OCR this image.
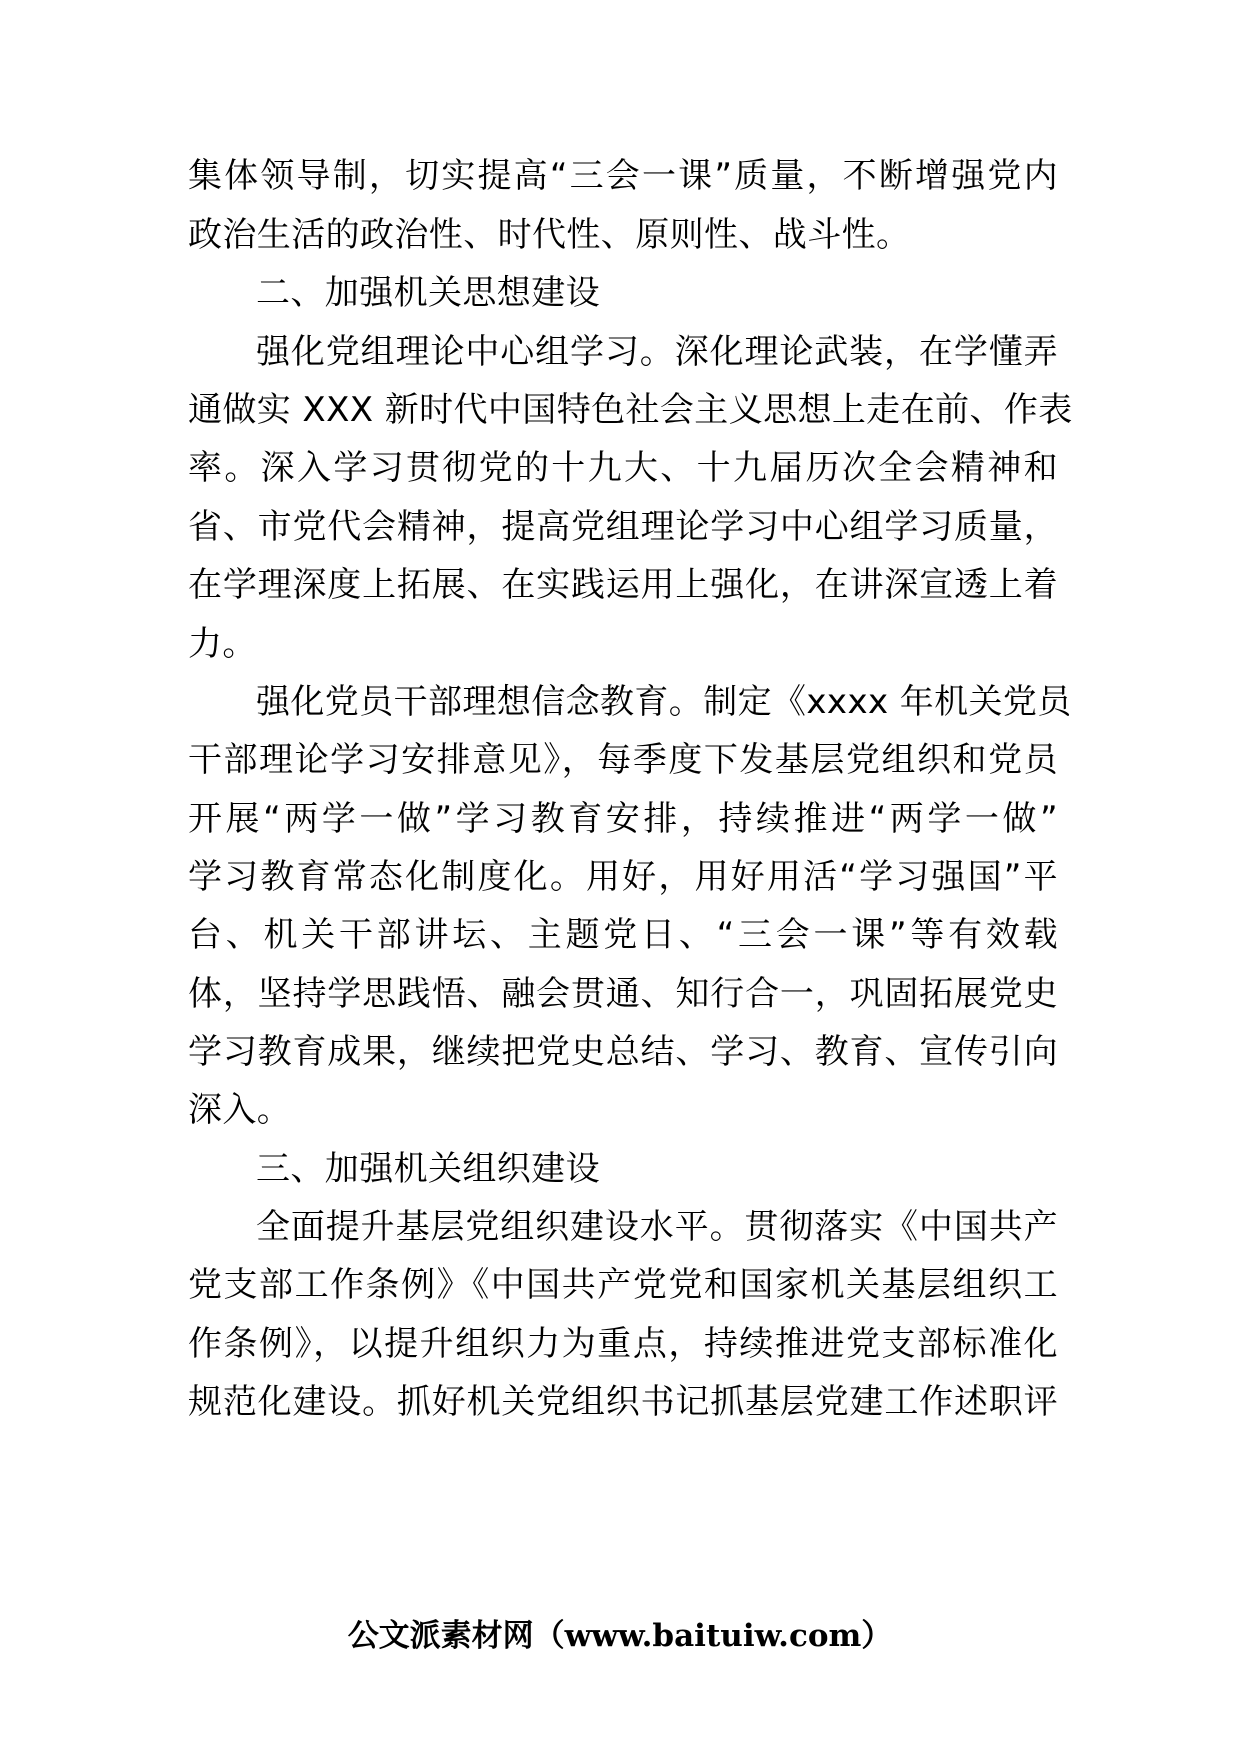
集体领导制，切实提高“三会一课”质量，不断增强党内
政治生活的政治性、时代性、原则性、战斗性。
二、加强机关思想建设
强化党组理论中心组学习。深化理论武装，在学懂弄
通做实 XXX 新时代中国特色社会主义思想上走在前、作表
率。深入学习贯彻党的十九大、十九届历次全会精神和
省、市党代会精神，提高党组理论学习中心组学习质量，
在学理深度上拓展、在实践运用上强化，在讲深宣透上着
力。
强化党员干部理想信念教育。制定《xxxx 年机关党员
干部理论学习安排意见》，每季度下发基层党组织和党员
开展“两学一做”学习教育安排，持续推进“两学一做”
学习教育常态化制度化。用好，用好用活“学习强国”平
台、机关干部讲坛、主题党日、“三会一课”等有效载
体，坚持学思践悟、融会贯通、知行合一，巩固拓展党史
学习教育成果，继续把党史总结、学习、教育、宣传引向
深入。
三、加强机关组织建设
全面提升基层党组织建设水平。贯彻落实《中国共产
党支部工作条例》《中国共产党党和国家机关基层组织工
作条例》，以提升组织力为重点，持续推进党支部标准化
规范化建设。抓好机关党组织书记抓基层党建工作述职评
公文派素材网（www.baituiw.com）
